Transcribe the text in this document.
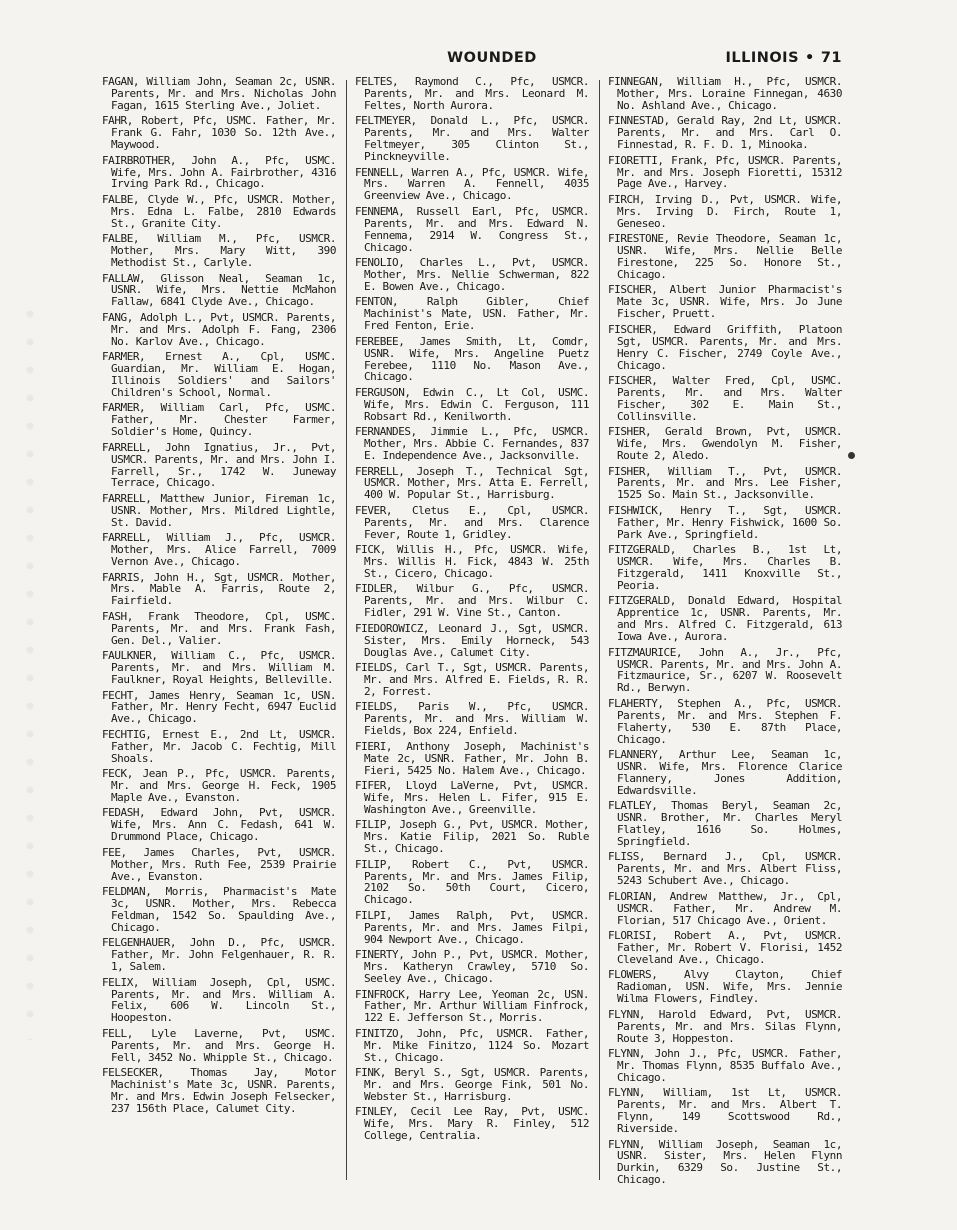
WOUNDED	ILLINOIS • 71

FAGAN, William John, Seaman 2c, USNR. Parents, Mr. and Mrs. Nicholas John Fagan, 1615 Sterling Ave., Joliet.

FAHR, Robert, Pfc, USMC. Father, Mr. Frank G. Fahr, 1030 So. 12th Ave., Maywood.

FAIRBROTHER, John A., Pfc, USMC. Wife, Mrs. John A. Fairbrother, 4316 Irving Park Rd., Chicago.

FALBE, Clyde W., Pfc, USMCR. Mother, Mrs. Edna L. Falbe, 2810 Edwards St., Granite City.

FALBE, William M., Pfc, USMCR. Mother, Mrs. Mary Witt, 390 Methodist St., Carlyle.

FALLAW, Glisson Neal, Seaman 1c, USNR. Wife, Mrs. Nettie McMahon Fallaw, 6841 Clyde Ave., Chicago.

FANG, Adolph L., Pvt, USMCR. Parents, Mr. and Mrs. Adolph F. Fang, 2306 No. Karlov Ave., Chicago.

FARMER, Ernest A., Cpl, USMC. Guardian, Mr. William E. Hogan, Illinois Soldiers' and Sailors' Children's School, Normal.

FARMER, William Carl, Pfc, USMC. Father, Mr. Chester Farmer, Soldier's Home, Quincy.

FARRELL, John Ignatius, Jr., Pvt, USMCR. Parents, Mr. and Mrs. John I. Farrell, Sr., 1742 W. Juneway Terrace, Chicago.

FARRELL, Matthew Junior, Fireman 1c, USNR. Mother, Mrs. Mildred Lightle, St. David.

FARRELL, William J., Pfc, USMCR. Mother, Mrs. Alice Farrell, 7009 Vernon Ave., Chicago.

FARRIS, John H., Sgt, USMCR. Mother, Mrs. Mable A. Farris, Route 2, Fairfield.

FASH, Frank Theodore, Cpl, USMC. Parents, Mr. and Mrs. Frank Fash, Gen. Del., Valier.

FAULKNER, William C., Pfc, USMCR. Parents, Mr. and Mrs. William M. Faulkner, Royal Heights, Belleville.

FECHT, James Henry, Seaman 1c, USN. Father, Mr. Henry Fecht, 6947 Euclid Ave., Chicago.

FECHTIG, Ernest E., 2nd Lt, USMCR. Father, Mr. Jacob C. Fechtig, Mill Shoals.

FECK, Jean P., Pfc, USMCR. Parents, Mr. and Mrs. George H. Feck, 1905 Maple Ave., Evanston.

FEDASH, Edward John, Pvt, USMCR. Wife, Mrs. Ann C. Fedash, 641 W. Drummond Place, Chicago.

FEE, James Charles, Pvt, USMCR. Mother, Mrs. Ruth Fee, 2539 Prairie Ave., Evanston.

FELDMAN, Morris, Pharmacist's Mate 3c, USNR. Mother, Mrs. Rebecca Feldman, 1542 So. Spaulding Ave., Chicago.

FELGENHAUER, John D., Pfc, USMCR. Father, Mr. John Felgenhauer, R. R. 1, Salem.

FELIX, William Joseph, Cpl, USMC. Parents, Mr. and Mrs. William A. Felix, 606 W. Lincoln St., Hoopeston.

FELL, Lyle Laverne, Pvt, USMC. Parents, Mr. and Mrs. George H. Fell, 3452 No. Whipple St., Chicago.

FELSECKER, Thomas Jay, Motor Machinist's Mate 3c, USNR. Parents, Mr. and Mrs. Edwin Joseph Felsecker, 237 156th Place, Calumet City.

FELTES, Raymond C., Pfc, USMCR. Parents, Mr. and Mrs. Leonard M. Feltes, North Aurora.

FELTMEYER, Donald L., Pfc, USMCR. Parents, Mr. and Mrs. Walter Feltmeyer, 305 Clinton St., Pinckneyville.

FENNELL, Warren A., Pfc, USMCR. Wife, Mrs. Warren A. Fennell, 4035 Greenview Ave., Chicago.

FENNEMA, Russell Earl, Pfc, USMCR. Parents, Mr. and Mrs. Edward N. Fennema, 2914 W. Congress St., Chicago.

FENOLIO, Charles L., Pvt, USMCR. Mother, Mrs. Nellie Schwerman, 822 E. Bowen Ave., Chicago.

FENTON, Ralph Gibler, Chief Machinist's Mate, USN. Father, Mr. Fred Fenton, Erie.

FEREBEE, James Smith, Lt, Comdr, USNR. Wife, Mrs. Angeline Puetz Ferebee, 1110 No. Mason Ave., Chicago.

FERGUSON, Edwin C., Lt Col, USMC. Wife, Mrs. Edwin C. Ferguson, 111 Robsart Rd., Kenilworth.

FERNANDES, Jimmie L., Pfc, USMCR. Mother, Mrs. Abbie C. Fernandes, 837 E. Independence Ave., Jacksonville.

FERRELL, Joseph T., Technical Sgt, USMCR. Mother, Mrs. Atta E. Ferrell, 400 W. Popular St., Harrisburg.

FEVER, Cletus E., Cpl, USMCR. Parents, Mr. and Mrs. Clarence Fever, Route 1, Gridley.

FICK, Willis H., Pfc, USMCR. Wife, Mrs. Willis H. Fick, 4843 W. 25th St., Cicero, Chicago.

FIDLER, Wilbur G., Pfc, USMCR. Parents, Mr. and Mrs. Wilbur C. Fidler, 291 W. Vine St., Canton.

FIEDOROWICZ, Leonard J., Sgt, USMCR. Sister, Mrs. Emily Horneck, 543 Douglas Ave., Calumet City.

FIELDS, Carl T., Sgt, USMCR. Parents, Mr. and Mrs. Alfred E. Fields, R. R. 2, Forrest.

FIELDS, Paris W., Pfc, USMCR. Parents, Mr. and Mrs. William W. Fields, Box 224, Enfield.

FIERI, Anthony Joseph, Machinist's Mate 2c, USNR. Father, Mr. John B. Fieri, 5425 No. Halem Ave., Chicago.

FIFER, Lloyd LaVerne, Pvt, USMCR. Wife, Mrs. Helen L. Fifer, 915 E. Washington Ave., Greenville.

FILIP, Joseph G., Pvt, USMCR. Mother, Mrs. Katie Filip, 2021 So. Ruble St., Chicago.

FILIP, Robert C., Pvt, USMCR. Parents, Mr. and Mrs. James Filip, 2102 So. 50th Court, Cicero, Chicago.

FILPI, James Ralph, Pvt, USMCR. Parents, Mr. and Mrs. James Filpi, 904 Newport Ave., Chicago.

FINERTY, John P., Pvt, USMCR. Mother, Mrs. Katheryn Crawley, 5710 So. Seeley Ave., Chicago.

FINFROCK, Harry Lee, Yeoman 2c, USN. Father, Mr. Arthur William Finfrock, 122 E. Jefferson St., Morris.

FINITZO, John, Pfc, USMCR. Father, Mr. Mike Finitzo, 1124 So. Mozart St., Chicago.

FINK, Beryl S., Sgt, USMCR. Parents, Mr. and Mrs. George Fink, 501 No. Webster St., Harrisburg.

FINLEY, Cecil Lee Ray, Pvt, USMC. Wife, Mrs. Mary R. Finley, 512 College, Centralia.

FINNEGAN, William H., Pfc, USMCR. Mother, Mrs. Loraine Finnegan, 4630 No. Ashland Ave., Chicago.

FINNESTAD, Gerald Ray, 2nd Lt, USMCR. Parents, Mr. and Mrs. Carl O. Finnestad, R. F. D. 1, Minooka.

FIORETTI, Frank, Pfc, USMCR. Parents, Mr. and Mrs. Joseph Fioretti, 15312 Page Ave., Harvey.

FIRCH, Irving D., Pvt, USMCR. Wife, Mrs. Irving D. Firch, Route 1, Geneseo.

FIRESTONE, Revie Theodore, Seaman 1c, USNR. Wife, Mrs. Nellie Belle Firestone, 225 So. Honore St., Chicago.

FISCHER, Albert Junior Pharmacist's Mate 3c, USNR. Wife, Mrs. Jo June Fischer, Pruett.

FISCHER, Edward Griffith, Platoon Sgt, USMCR. Parents, Mr. and Mrs. Henry C. Fischer, 2749 Coyle Ave., Chicago.

FISCHER, Walter Fred, Cpl, USMC. Parents, Mr. and Mrs. Walter Fischer, 302 E. Main St., Collinsville.

FISHER, Gerald Brown, Pvt, USMCR. Wife, Mrs. Gwendolyn M. Fisher, Route 2, Aledo.

FISHER, William T., Pvt, USMCR. Parents, Mr. and Mrs. Lee Fisher, 1525 So. Main St., Jacksonville.

FISHWICK, Henry T., Sgt, USMCR. Father, Mr. Henry Fishwick, 1600 So. Park Ave., Springfield.

FITZGERALD, Charles B., 1st Lt, USMCR. Wife, Mrs. Charles B. Fitzgerald, 1411 Knoxville St., Peoria.

FITZGERALD, Donald Edward, Hospital Apprentice 1c, USNR. Parents, Mr. and Mrs. Alfred C. Fitzgerald, 613 Iowa Ave., Aurora.

FITZMAURICE, John A., Jr., Pfc, USMCR. Parents, Mr. and Mrs. John A. Fitzmaurice, Sr., 6207 W. Roosevelt Rd., Berwyn.

FLAHERTY, Stephen A., Pfc, USMCR. Parents, Mr. and Mrs. Stephen F. Flaherty, 530 E. 87th Place, Chicago.

FLANNERY, Arthur Lee, Seaman 1c, USNR. Wife, Mrs. Florence Clarice Flannery, Jones Addition, Edwardsville.

FLATLEY, Thomas Beryl, Seaman 2c, USNR. Brother, Mr. Charles Meryl Flatley, 1616 So. Holmes, Springfield.

FLISS, Bernard J., Cpl, USMCR. Parents, Mr. and Mrs. Albert Fliss, 5243 Schubert Ave., Chicago.

FLORIAN, Andrew Matthew, Jr., Cpl, USMCR. Father, Mr. Andrew M. Florian, 517 Chicago Ave., Orient.

FLORISI, Robert A., Pvt, USMCR. Father, Mr. Robert V. Florisi, 1452 Cleveland Ave., Chicago.

FLOWERS, Alvy Clayton, Chief Radioman, USN. Wife, Mrs. Jennie Wilma Flowers, Findley.

FLYNN, Harold Edward, Pvt, USMCR. Parents, Mr. and Mrs. Silas Flynn, Route 3, Hoppeston.

FLYNN, John J., Pfc, USMCR. Father, Mr. Thomas Flynn, 8535 Buffalo Ave., Chicago.

FLYNN, William, 1st Lt, USMCR. Parents, Mr. and Mrs. Albert T. Flynn, 149 Scottswood Rd., Riverside.

FLYNN, William Joseph, Seaman 1c, USNR. Sister, Mrs. Helen Flynn Durkin, 6329 So. Justine St., Chicago.
